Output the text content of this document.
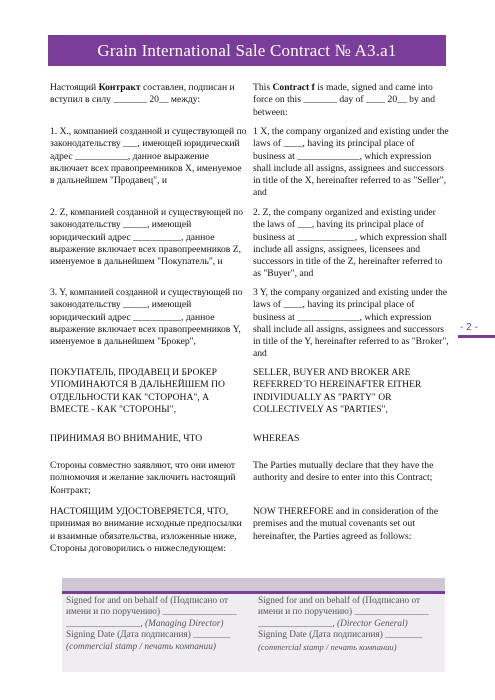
Grain International Sale Contract № A3.a1
Настоящий Контракт составлен, подписан и вступил в силу _______ 20__ между:
This Contract f is made, signed and came into force on this _______ day of ____ 20__ by and between:
1. X., компанией созданной и существующей по законодательству ___, имеющей юридический адрес ___________, данное выражение включает всех правопреемников X, именуемое в дальнейшем "Продавец", и
1 X, the company organized and existing under the laws of ____, having its principal place of business at _____________, which expression shall include all assigns, assignees and successors in title of the X, hereinafter referred to as "Seller", and
2. Z, компанией созданной и существующей по законодательству _____, имеющей юридический адрес __________, данное выражение включает всех правопреемников Z, именуемое в дальнейшем "Покупатель", и
2. Z, the company organized and existing under the laws of ___, having its principal place of business at ____________, which expression shall include all assigns, assignees, licensees and successors in title of the Z, hereinafter referred to as "Buyer", and
3. Y, компанией созданной и существующей по законодательству _____, имеющей юридический адрес __________, данное выражение включает всех правопреемников Y, именуемое в дальнейшем "Брокер",
3 Y, the company organized and existing under the laws of ____, having its principal place of business at _____________, which expression shall include all assigns, assignees and successors in title of the Y, hereinafter referred to as "Broker", and
ПОКУПАТЕЛЬ, ПРОДАВЕЦ И БРОКЕР УПОМИНАЮТСЯ В ДАЛЬНЕЙШЕМ ПО ОТДЕЛЬНОСТИ КАК "СТОРОНА", А ВМЕСТЕ - КАК "СТОРОНЫ",
SELLER, BUYER AND BROKER ARE REFERRED TO HEREINAFTER EITHER INDIVIDUALLY AS "PARTY" OR COLLECTIVELY AS "PARTIES",
ПРИНИМАЯ ВО ВНИМАНИЕ, ЧТО	WHEREAS
Стороны совместно заявляют, что они имеют полномочия и желание заключить настоящий Контракт;
The Parties mutually declare that they have the authority and desire to enter into this Contract;
НАСТОЯЩИМ УДОСТОВЕРЯЕТСЯ, ЧТО, принимая во внимание исходные предпосылки и взаимные обязательства, изложенные ниже, Стороны договорились о нижеследующем:
NOW THEREFORE and in consideration of the premises and the mutual covenants set out hereinafter, the Parties agreed as follows:
- 2 -
Signed for and on behalf of (Подписано от
имени и по поручению) ________________
________________, (Managing Director)
Signing Date (Дата подписания) ________
(commercial stamp / печать компании)
Signed for and on behalf of (Подписано от
имени и по поручению) ________________
________________, (Director General)
Signing Date (Дата подписания) ________
(commercial stamp / печать компании)
